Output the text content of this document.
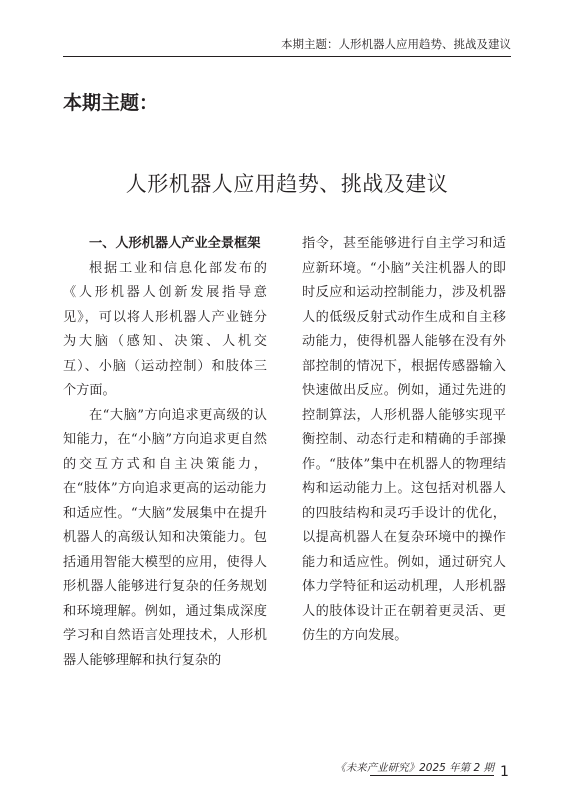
本期主题：人形机器人应用趋势、挑战及建议
本期主题：
人形机器人应用趋势、挑战及建议

一、人形机器人产业全景框架

根据工业和信息化部发布的《人形机器人创新发展指导意见》，可以将人形机器人产业链分为大脑（感知、决策、人机交互）、小脑（运动控制）和肢体三个方面。

在“大脑”方向追求更高级的认知能力，在“小脑”方向追求更自然的交互方式和自主决策能力，在“肢体”方向追求更高的运动能力和适应性。“大脑”发展集中在提升机器人的高级认知和决策能力。包括通用智能大模型的应用，使得人形机器人能够进行复杂的任务规划和环境理解。例如，通过集成深度学习和自然语言处理技术，人形机器人能够理解和执行复杂的

指令，甚至能够进行自主学习和适应新环境。“小脑”关注机器人的即时反应和运动控制能力，涉及机器人的低级反射式动作生成和自主移动能力，使得机器人能够在没有外部控制的情况下，根据传感器输入快速做出反应。例如，通过先进的控制算法，人形机器人能够实现平衡控制、动态行走和精确的手部操作。“肢体”集中在机器人的物理结构和运动能力上。这包括对机器人的四肢结构和灵巧手设计的优化，以提高机器人在复杂环境中的操作能力和适应性。例如，通过研究人体力学特征和运动机理，人形机器人的肢体设计正在朝着更灵活、更仿生的方向发展。

《未来产业研究》2025 年第 2 期 1
